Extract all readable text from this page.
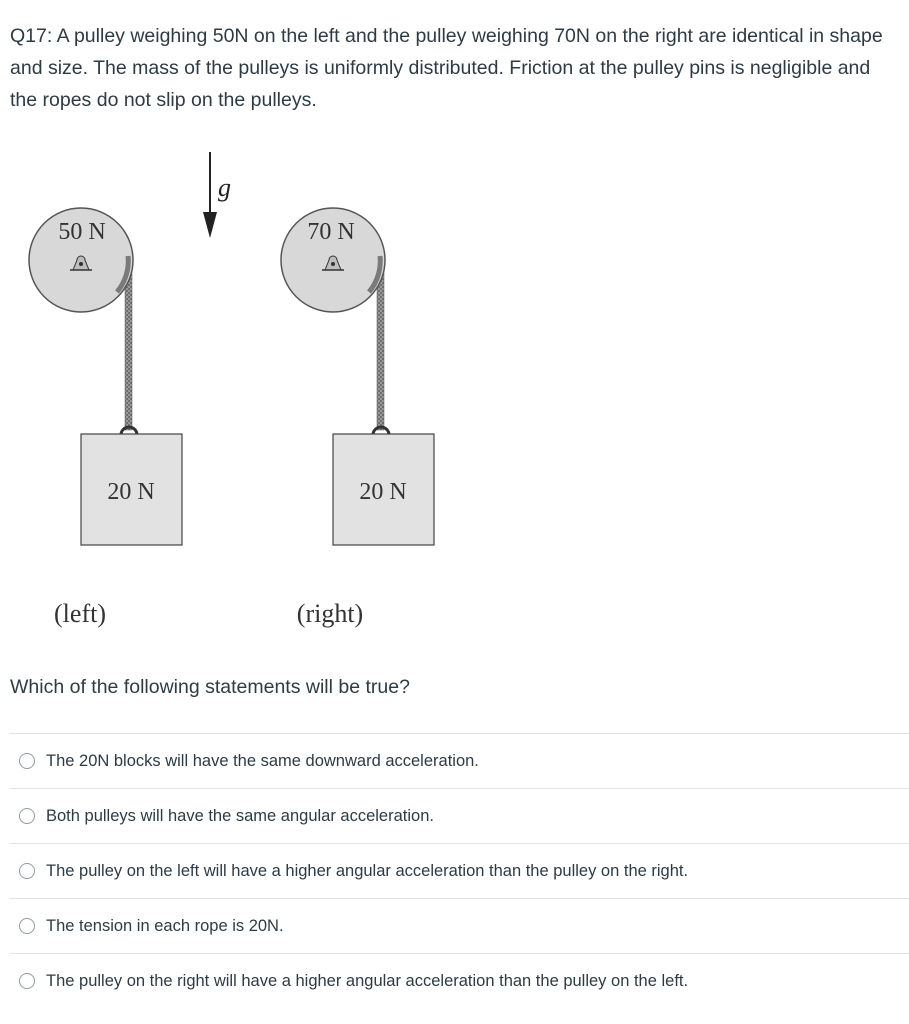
Q17: A pulley weighing 50N on the left and the pulley weighing 70N on the right are identical in shape and size. The mass of the pulleys is uniformly distributed. Friction at the pulley pins is negligible and the ropes do not slip on the pulleys.

g
50 N
20 N
(left)
70 N
20 N
(right)

Which of the following statements will be true?

The 20N blocks will have the same downward acceleration.
Both pulleys will have the same angular acceleration.
The pulley on the left will have a higher angular acceleration than the pulley on the right.
The tension in each rope is 20N.
The pulley on the right will have a higher angular acceleration than the pulley on the left.
